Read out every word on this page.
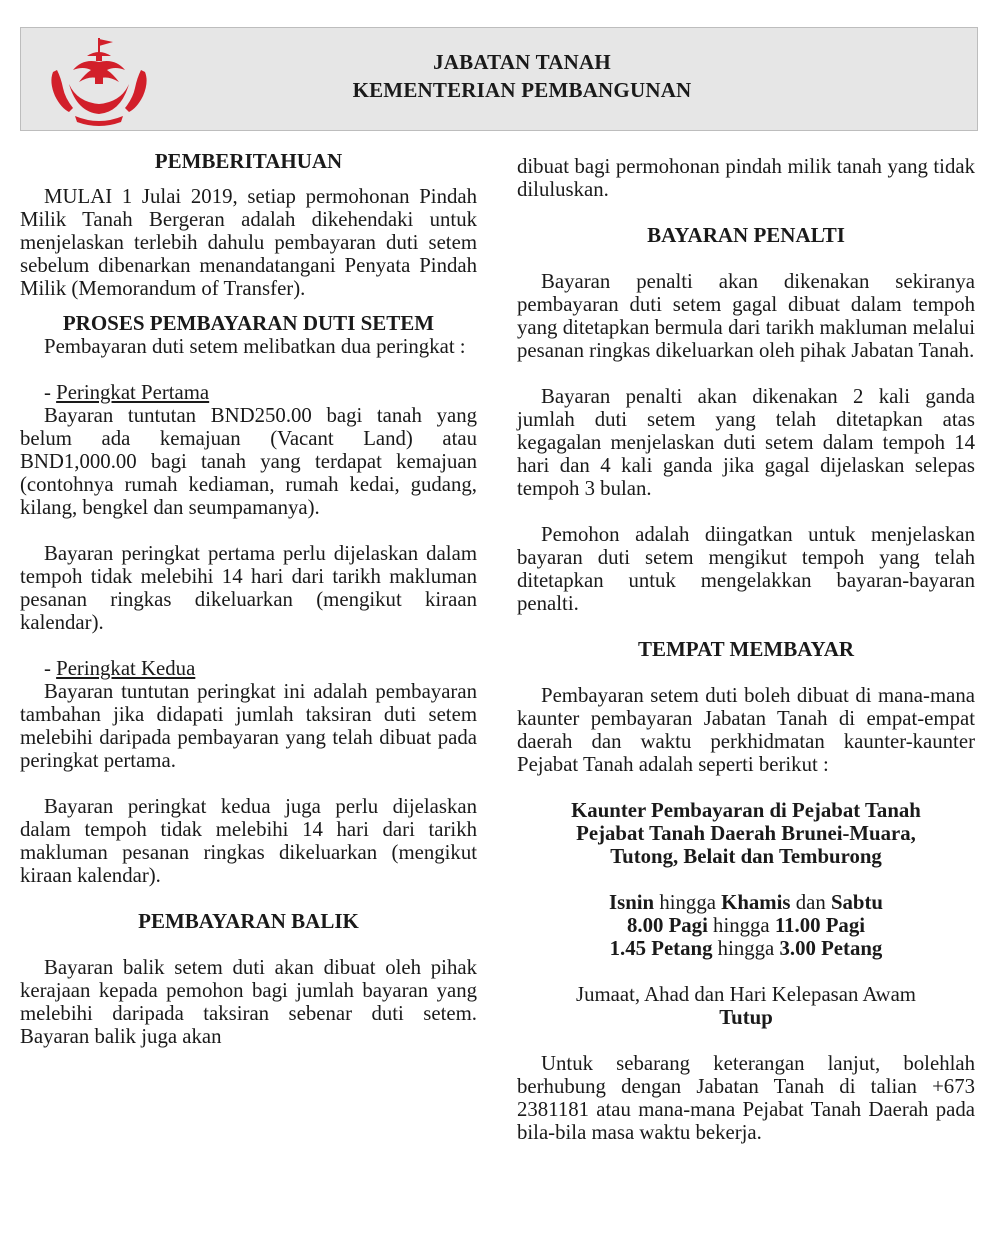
JABATAN TANAH
KEMENTERIAN PEMBANGUNAN
PEMBERITAHUAN

MULAI 1 Julai 2019, setiap permohonan Pindah Milik Tanah Bergeran adalah dikehendaki untuk menjelaskan terlebih dahulu pembayaran duti setem sebelum dibenarkan menandatangani Penyata Pindah Milik (Memorandum of Transfer).

PROSES PEMBAYARAN DUTI SETEM

Pembayaran duti setem melibatkan dua peringkat :

- Peringkat Pertama

Bayaran tuntutan BND250.00 bagi tanah yang belum ada kemajuan (Vacant Land) atau BND1,000.00 bagi tanah yang terdapat kemajuan (contohnya rumah kediaman, rumah kedai, gudang, kilang, bengkel dan seumpamanya).

Bayaran peringkat pertama perlu dijelaskan dalam tempoh tidak melebihi 14 hari dari tarikh makluman pesanan ringkas dikeluarkan (mengikut kiraan kalendar).

- Peringkat Kedua

Bayaran tuntutan peringkat ini adalah pembayaran tambahan jika didapati jumlah taksiran duti setem melebihi daripada pembayaran yang telah dibuat pada peringkat pertama.

Bayaran peringkat kedua juga perlu dijelaskan dalam tempoh tidak melebihi 14 hari dari tarikh makluman pesanan ringkas dikeluarkan (mengikut kiraan kalendar).

PEMBAYARAN BALIK

Bayaran balik setem duti akan dibuat oleh pihak kerajaan kepada pemohon bagi jumlah bayaran yang melebihi daripada taksiran sebenar duti setem. Bayaran balik juga akan

dibuat bagi permohonan pindah milik tanah yang tidak diluluskan.

BAYARAN PENALTI

Bayaran penalti akan dikenakan sekiranya pembayaran duti setem gagal dibuat dalam tempoh yang ditetapkan bermula dari tarikh makluman melalui pesanan ringkas dikeluarkan oleh pihak Jabatan Tanah.

Bayaran penalti akan dikenakan 2 kali ganda jumlah duti setem yang telah ditetapkan atas kegagalan menjelaskan duti setem dalam tempoh 14 hari dan 4 kali ganda jika gagal dijelaskan selepas tempoh 3 bulan.

Pemohon adalah diingatkan untuk menjelaskan bayaran duti setem mengikut tempoh yang telah ditetapkan untuk mengelakkan bayaran-bayaran penalti.

TEMPAT MEMBAYAR

Pembayaran setem duti boleh dibuat di mana-mana kaunter pembayaran Jabatan Tanah di empat-empat daerah dan waktu perkhidmatan kaunter-kaunter Pejabat Tanah adalah seperti berikut :

Kaunter Pembayaran di Pejabat Tanah

Pejabat Tanah Daerah Brunei-Muara,

Tutong, Belait dan Temburong

Isnin hingga Khamis dan Sabtu

8.00 Pagi hingga 11.00 Pagi

1.45 Petang hingga 3.00 Petang

Jumaat, Ahad dan Hari Kelepasan Awam

Tutup

Untuk sebarang keterangan lanjut, bolehlah berhubung dengan Jabatan Tanah di talian +673 2381181 atau mana-mana Pejabat Tanah Daerah pada bila-bila masa waktu bekerja.
